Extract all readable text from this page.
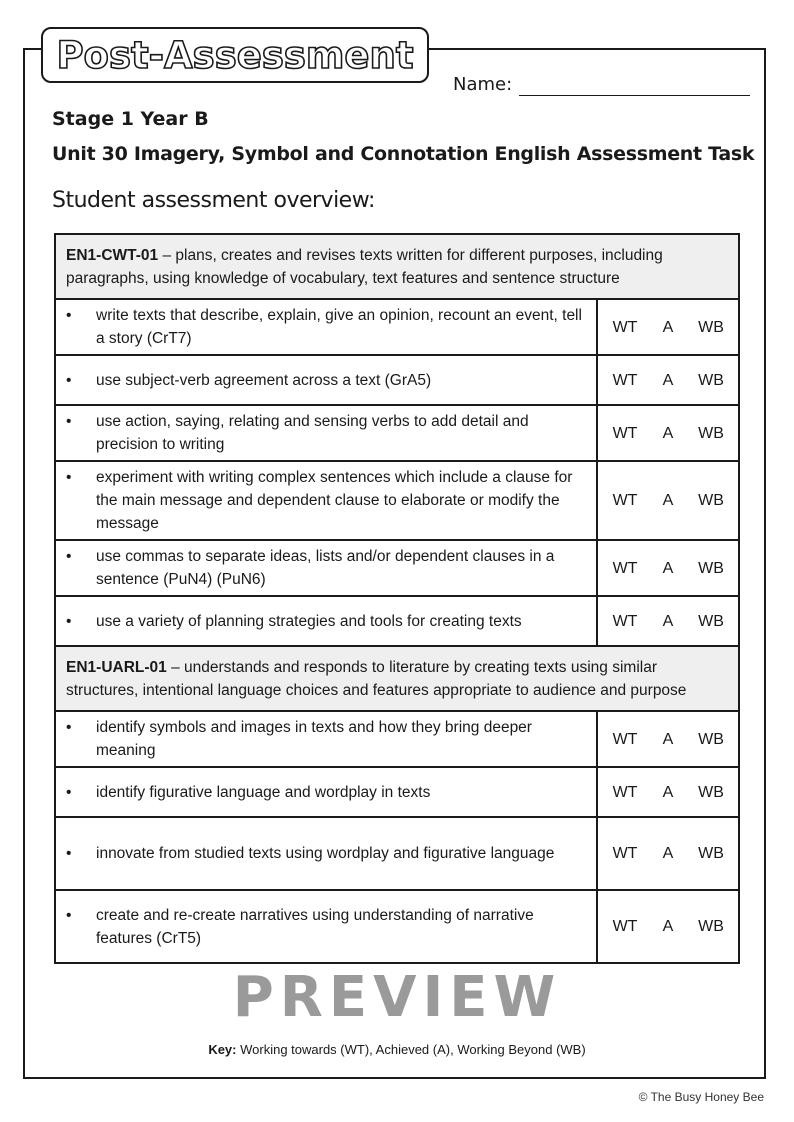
Post-Assessment
Name:
Stage 1 Year B
Unit 30 Imagery, Symbol and Connotation English Assessment Task
Student assessment overview:
EN1-CWT-01 – plans, creates and revises texts written for different purposes, including paragraphs, using knowledge of vocabulary, text features and sentence structure	

• write texts that describe, explain, give an opinion, recount an event, tell a story (CrT7)	WT A WB

• use subject-verb agreement across a text (GrA5)	WT A WB

• use action, saying, relating and sensing verbs to add detail and precision to writing	WT A WB

• experiment with writing complex sentences which include a clause for the main message and dependent clause to elaborate or modify the message	WT A WB

• use commas to separate ideas, lists and/or dependent clauses in a sentence (PuN4) (PuN6)	WT A WB

• use a variety of planning strategies and tools for creating texts	WT A WB
EN1-UARL-01 – understands and responds to literature by creating texts using similar structures, intentional language choices and features appropriate to audience and purpose	

• identify symbols and images in texts and how they bring deeper meaning	WT A WB

• identify figurative language and wordplay in texts	WT A WB

• innovate from studied texts using wordplay and figurative language	WT A WB

• create and re-create narratives using understanding of narrative features (CrT5)	WT A WB
PREVIEW
Key: Working towards (WT), Achieved (A), Working Beyond (WB)
© The Busy Honey Bee
